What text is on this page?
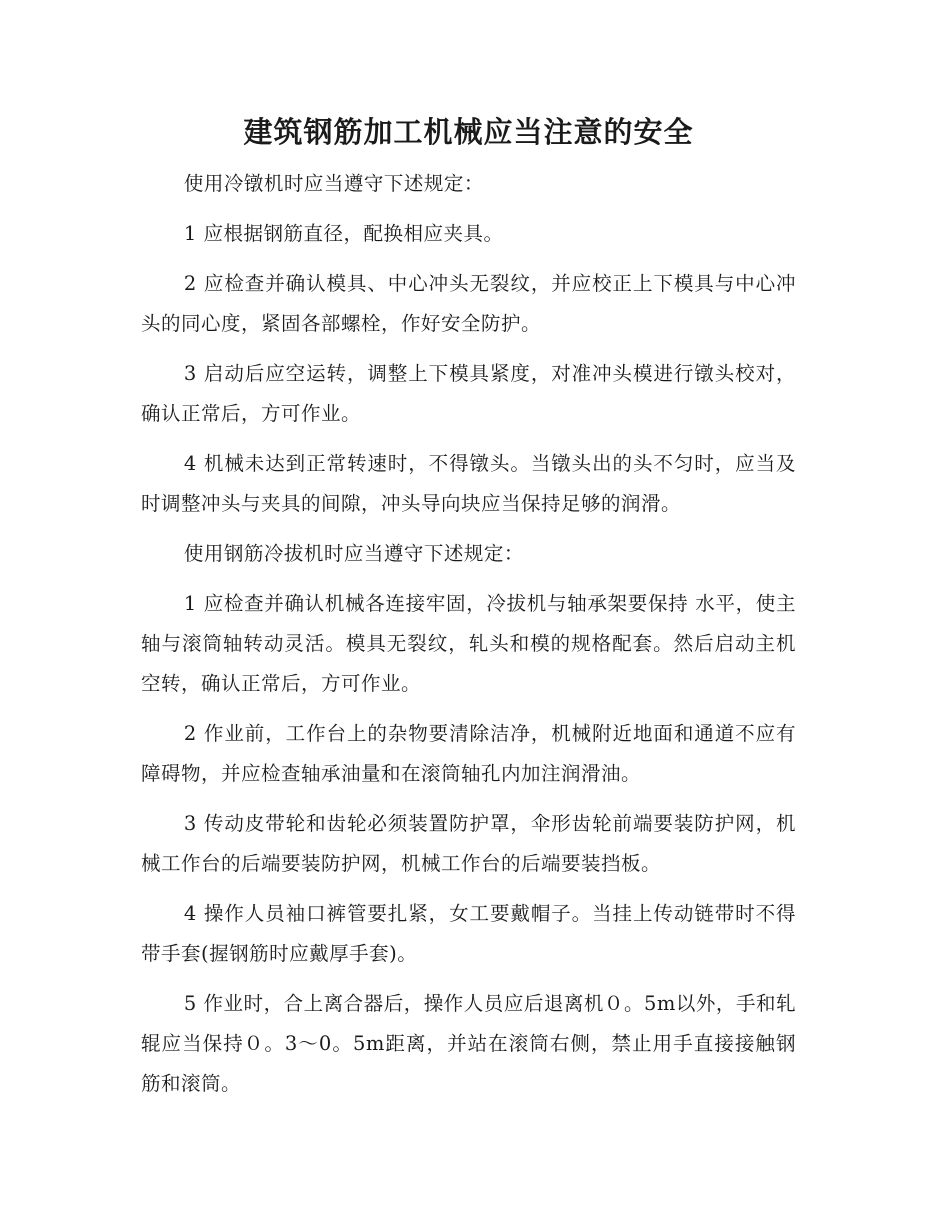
建筑钢筋加工机械应当注意的安全

使用冷镦机时应当遵守下述规定：

1 应根据钢筋直径，配换相应夹具。

2 应检查并确认模具、中心冲头无裂纹，并应校正上下模具与中心冲头的同心度，紧固各部螺栓，作好安全防护。

3 启动后应空运转，调整上下模具紧度，对准冲头模进行镦头校对，确认正常后，方可作业。

4 机械未达到正常转速时，不得镦头。当镦头出的头不匀时，应当及时调整冲头与夹具的间隙，冲头导向块应当保持足够的润滑。

使用钢筋冷拔机时应当遵守下述规定：

1 应检查并确认机械各连接牢固，冷拔机与轴承架要保持 水平，使主轴与滚筒轴转动灵活。模具无裂纹，轧头和模的规格配套。然后启动主机空转，确认正常后，方可作业。

2 作业前，工作台上的杂物要清除洁净，机械附近地面和通道不应有障碍物，并应检查轴承油量和在滚筒轴孔内加注润滑油。

3 传动皮带轮和齿轮必须装置防护罩，伞形齿轮前端要装防护网，机械工作台的后端要装防护网，机械工作台的后端要装挡板。

4 操作人员袖口裤管要扎紧，女工要戴帽子。当挂上传动链带时不得带手套(握钢筋时应戴厚手套)。

5 作业时，合上离合器后，操作人员应后退离机０。5m以外，手和轧辊应当保持０。3～0。5m距离，并站在滚筒右侧，禁止用手直接接触钢筋和滚筒。
